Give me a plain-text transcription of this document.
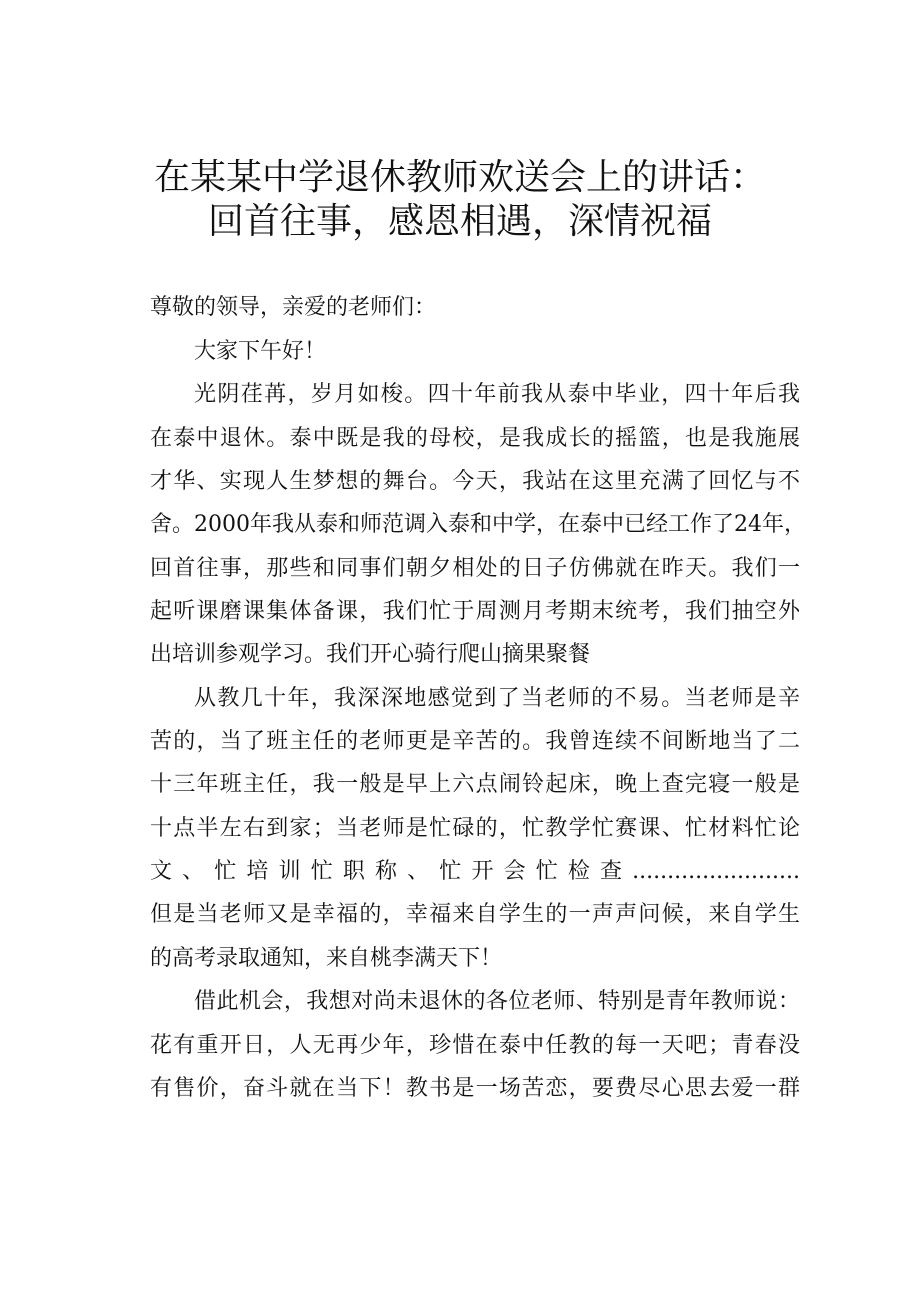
在某某中学退休教师欢送会上的讲话：
回首往事，感恩相遇，深情祝福
尊敬的领导，亲爱的老师们：
大家下午好！
光阴荏苒，岁月如梭。四十年前我从泰中毕业，四十年后我
在泰中退休。泰中既是我的母校，是我成长的摇篮，也是我施展
才华、实现人生梦想的舞台。今天，我站在这里充满了回忆与不
舍。2000年我从泰和师范调入泰和中学，在泰中已经工作了24年，
回首往事，那些和同事们朝夕相处的日子仿佛就在昨天。我们一
起听课磨课集体备课，我们忙于周测月考期末统考，我们抽空外
出培训参观学习。我们开心骑行爬山摘果聚餐
从教几十年，我深深地感觉到了当老师的不易。当老师是辛
苦的，当了班主任的老师更是辛苦的。我曾连续不间断地当了二
十三年班主任，我一般是早上六点闹铃起床，晚上查完寝一般是
十点半左右到家；当老师是忙碌的，忙教学忙赛课、忙材料忙论
文、忙培训忙职称、忙开会忙检查........................
但是当老师又是幸福的，幸福来自学生的一声声问候，来自学生
的高考录取通知，来自桃李满天下！
借此机会，我想对尚未退休的各位老师、特别是青年教师说：
花有重开日，人无再少年，珍惜在泰中任教的每一天吧；青春没
有售价，奋斗就在当下！教书是一场苦恋，要费尽心思去爱一群
